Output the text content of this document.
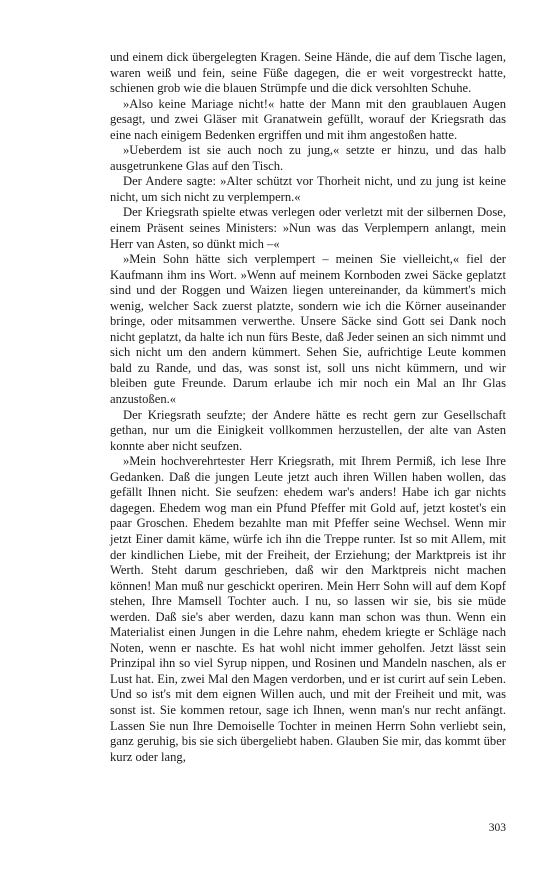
und einem dick übergelegten Kragen. Seine Hände, die auf dem Tische lagen, waren weiß und fein, seine Füße dagegen, die er weit vorgestreckt hatte, schienen grob wie die blauen Strümpfe und die dick versohlten Schuhe.

»Also keine Mariage nicht!« hatte der Mann mit den graublauen Augen gesagt, und zwei Gläser mit Granatwein gefüllt, worauf der Kriegsrath das eine nach einigem Bedenken ergriffen und mit ihm angestoßen hatte.

»Ueberdem ist sie auch noch zu jung,« setzte er hinzu, und das halb ausgetrunkene Glas auf den Tisch.

Der Andere sagte: »Alter schützt vor Thorheit nicht, und zu jung ist keine nicht, um sich nicht zu verplempern.«

Der Kriegsrath spielte etwas verlegen oder verletzt mit der silbernen Dose, einem Präsent seines Ministers: »Nun was das Verplempern anlangt, mein Herr van Asten, so dünkt mich –«

»Mein Sohn hätte sich verplempert – meinen Sie vielleicht,« fiel der Kaufmann ihm ins Wort. »Wenn auf meinem Kornboden zwei Säcke geplatzt sind und der Roggen und Waizen liegen untereinander, da kümmert's mich wenig, welcher Sack zuerst platzte, sondern wie ich die Körner auseinander bringe, oder mitsammen verwerthe. Unsere Säcke sind Gott sei Dank noch nicht geplatzt, da halte ich nun fürs Beste, daß Jeder seinen an sich nimmt und sich nicht um den andern kümmert. Sehen Sie, aufrichtige Leute kommen bald zu Rande, und das, was sonst ist, soll uns nicht kümmern, und wir bleiben gute Freunde. Darum erlaube ich mir noch ein Mal an Ihr Glas anzustoßen.«

Der Kriegsrath seufzte; der Andere hätte es recht gern zur Gesellschaft gethan, nur um die Einigkeit vollkommen herzustellen, der alte van Asten konnte aber nicht seufzen.

»Mein hochverehrtester Herr Kriegsrath, mit Ihrem Permiß, ich lese Ihre Gedanken. Daß die jungen Leute jetzt auch ihren Willen haben wollen, das gefällt Ihnen nicht. Sie seufzen: ehedem war's anders! Habe ich gar nichts dagegen. Ehedem wog man ein Pfund Pfeffer mit Gold auf, jetzt kostet's ein paar Groschen. Ehedem bezahlte man mit Pfeffer seine Wechsel. Wenn mir jetzt Einer damit käme, würfe ich ihn die Treppe runter. Ist so mit Allem, mit der kindlichen Liebe, mit der Freiheit, der Erziehung; der Marktpreis ist ihr Werth. Steht darum geschrieben, daß wir den Marktpreis nicht machen können! Man muß nur geschickt operiren. Mein Herr Sohn will auf dem Kopf stehen, Ihre Mamsell Tochter auch. I nu, so lassen wir sie, bis sie müde werden. Daß sie's aber werden, dazu kann man schon was thun. Wenn ein Materialist einen Jungen in die Lehre nahm, ehedem kriegte er Schläge nach Noten, wenn er naschte. Es hat wohl nicht immer geholfen. Jetzt lässt sein Prinzipal ihn so viel Syrup nippen, und Rosinen und Mandeln naschen, als er Lust hat. Ein, zwei Mal den Magen verdorben, und er ist curirt auf sein Leben. Und so ist's mit dem eignen Willen auch, und mit der Freiheit und mit, was sonst ist. Sie kommen retour, sage ich Ihnen, wenn man's nur recht anfängt. Lassen Sie nun Ihre Demoiselle Tochter in meinen Herrn Sohn verliebt sein, ganz geruhig, bis sie sich übergeliebt haben. Glauben Sie mir, das kommt über kurz oder lang,

303
